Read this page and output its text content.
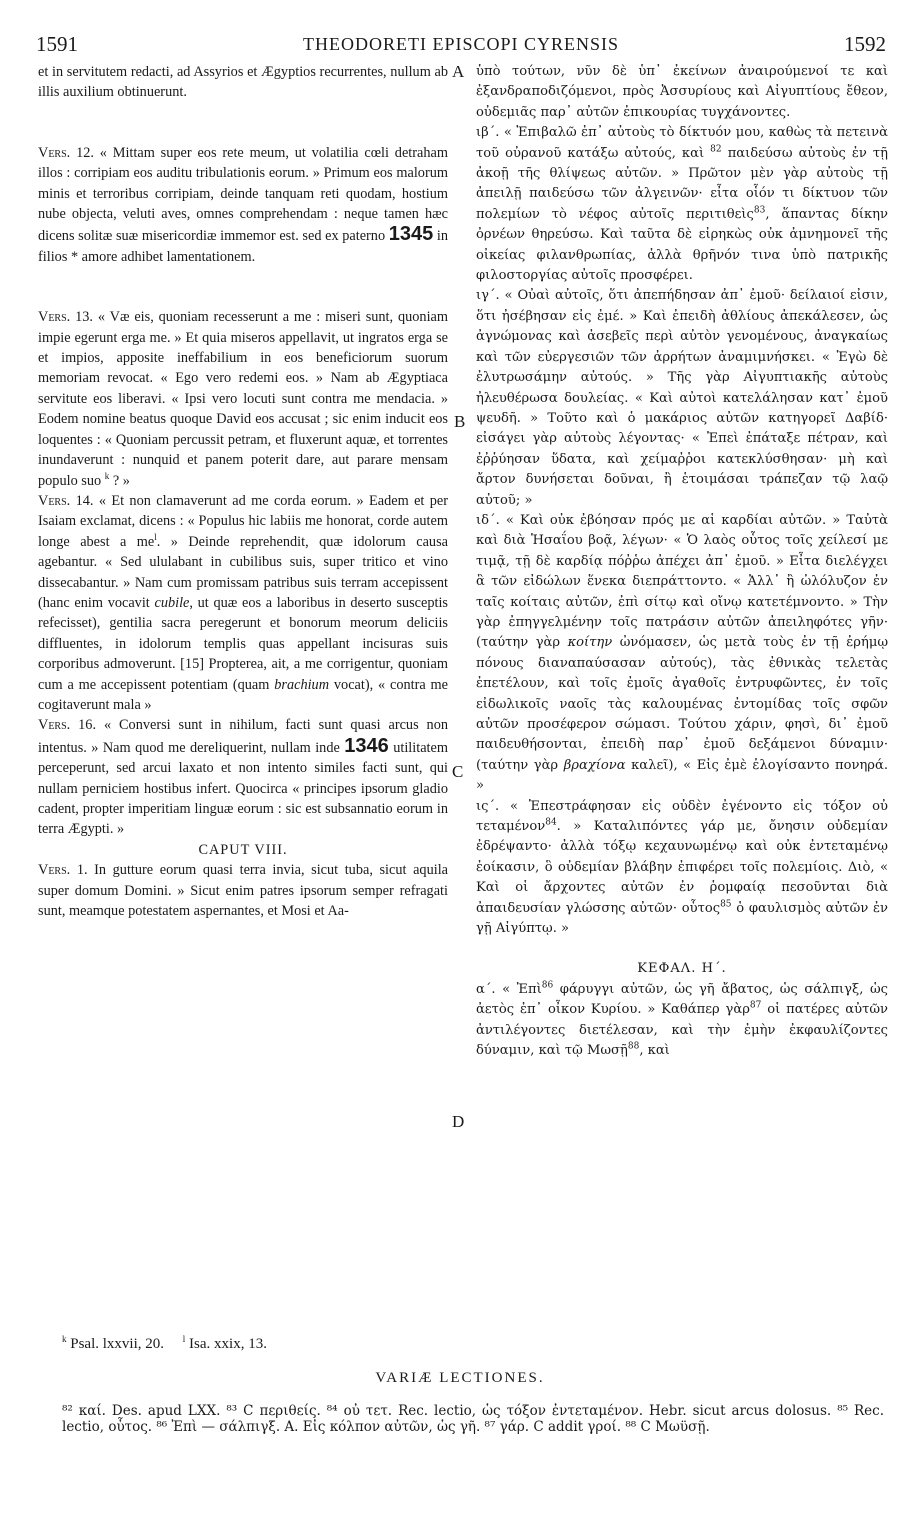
1591	THEODORETI EPISCOPI CYRENSIS	1592

et in servitutem redacti, ad Assyrios et Ægyptios recurrentes, nullum ab illis auxilium obtinuerunt.

Vers. 12. « Mittam super eos rete meum, ut volatilia cœli detraham illos : corripiam eos auditu tribulationis eorum. » Primum eos malorum minis et terroribus corripiam, deinde tanquam reti quodam, hostium nube objecta, veluti aves, omnes comprehendam : neque tamen hæc dicens solitæ suæ misericordiæ immemor est. sed ex paterno 1345 in filios * amore adhibet lamentationem.

Vers. 13. « Væ eis, quoniam recesserunt a me : miseri sunt, quoniam impie egerunt erga me. » Et quia miseros appellavit, ut ingratos erga se et impios, apposite ineffabilium in eos beneficiorum suorum memoriam revocat. « Ego vero redemi eos. » Nam ab Ægyptiaca servitute eos liberavi. « Ipsi vero locuti sunt contra me mendacia. » Eodem nomine beatus quoque David eos accusat ; sic enim inducit eos loquentes : « Quoniam percussit petram, et fluxerunt aquæ, et torrentes inundaverunt : nunquid et panem poterit dare, aut parare mensam populo suo $^k$ ? »

Vers. 14. « Et non clamaverunt ad me corda eorum. » Eadem et per Isaiam exclamat, dicens : « Populus hic labiis me honorat, corde autem longe abest a $me^l$. » Deinde reprehendit, quæ idolorum causa agebantur. « Sed ululabant in cubilibus suis, super tritico et vino dissecabantur. » Nam cum promissam patribus suis terram accepissent (hanc enim vocavit cubile, ut quæ eos a laboribus in deserto susceptis refecisset), gentilia sacra peregerunt et bonorum meorum deliciis diffluentes, in idolorum templis quas appellant incisuras suis corporibus admoverunt. [15] Propterea, ait, a me corrigentur, quoniam cum a me accepissent potentiam (quam brachium vocat), « contra me cogitaverunt mala »

Vers. 16. « Conversi sunt in nihilum, facti sunt quasi arcus non intentus. » Nam quod me dereliquerint, nullam inde 1346 utilitatem perceperunt, sed arcui laxato et non intento similes facti sunt, qui nullam perniciem hostibus infert. Quocirca « principes ipsorum gladio cadent, propter imperitiam linguæ eorum : sic est subsannatio eorum in terra Ægypti. »

CAPUT VIII.

Vers. 1. In gutture eorum quasi terra invia, sicut tuba, sicut aquila super domum Domini. » Sicut enim patres ipsorum semper refragati sunt, meamque potestatem aspernantes, et Mosi et Aa-

A
B
C
D

ὑπὸ τούτων, νῦν δὲ ὑπ᾽ ἐκείνων ἀναιρούμενοί τε καὶ ἐξανδραποδιζόμενοι, πρὸς Ἀσσυρίους καὶ Αἰγυπτίους ἔθεον, οὐδεμιᾶς παρ᾽ αὐτῶν ἐπικουρίας τυγχάνοντες.

ιβ΄. « Ἐπιβαλῶ ἐπ᾽ αὐτοὺς τὸ δίκτυόν μου, καθὼς τὰ πετεινὰ τοῦ οὐρανοῦ κατάξω αὐτούς, καὶ $^{82}$ παιδεύσω αὐτοὺς ἐν τῇ ἀκοῇ τῆς θλίψεως αὐτῶν. » Πρῶτον μὲν γὰρ αὐτοὺς τῇ ἀπειλῇ παιδεύσω τῶν ἀλγεινῶν· εἶτα οἷόν τι δίκτυον τῶν πολεμίων τὸ νέφος αὐτοῖς περιτιθεὶς$^{83}$, ἅπαντας δίκην ὀρνέων θηρεύσω. Καὶ ταῦτα δὲ εἰρηκὼς οὐκ ἀμνημονεῖ τῆς οἰκείας φιλανθρωπίας, ἀλλὰ θρῆνόν τινα ὑπὸ πατρικῆς φιλοστοργίας αὐτοῖς προσφέρει.

ιγ΄. « Οὐαὶ αὐτοῖς, ὅτι ἀπεπήδησαν ἀπ᾽ ἐμοῦ· δείλαιοί εἰσιν, ὅτι ἠσέβησαν εἰς ἐμέ. » Καὶ ἐπειδὴ ἀθλίους ἀπεκάλεσεν, ὡς ἀγνώμονας καὶ ἀσεβεῖς περὶ αὐτὸν γενομένους, ἀναγκαίως καὶ τῶν εὐεργεσιῶν τῶν ἀρρήτων ἀναμιμνήσκει. « Ἐγὼ δὲ ἐλυτρωσάμην αὐτούς. » Τῆς γὰρ Αἰγυπτιακῆς αὐτοὺς ἠλευθέρωσα δουλείας. « Καὶ αὐτοὶ κατελάλησαν κατ᾽ ἐμοῦ ψευδῆ. » Τοῦτο καὶ ὁ μακάριος αὐτῶν κατηγορεῖ Δαβίδ· εἰσάγει γὰρ αὐτοὺς λέγοντας· « Ἐπεὶ ἐπάταξε πέτραν, καὶ ἐῤῥύησαν ὕδατα, καὶ χείμαῤῥοι κατεκλύσθησαν· μὴ καὶ ἄρτον δυνήσεται δοῦναι, ἢ ἑτοιμάσαι τράπεζαν τῷ λαῷ αὐτοῦ; »

ιδ΄. « Καὶ οὐκ ἐβόησαν πρός με αἱ καρδίαι αὐτῶν. » Ταὐτὰ καὶ διὰ Ἡσαΐου βοᾷ, λέγων· « Ὁ λαὸς οὗτος τοῖς χείλεσί με τιμᾷ, τῇ δὲ καρδίᾳ πόῤῥω ἀπέχει ἀπ᾽ ἐμοῦ. » Εἶτα διελέγχει ἃ τῶν εἰδώλων ἕνεκα διεπράττοντο. « Ἀλλ᾽ ἢ ὠλόλυζον ἐν ταῖς κοίταις αὐτῶν, ἐπὶ σίτῳ καὶ οἴνῳ κατετέμνοντο. » Τὴν γὰρ ἐπηγγελμένην τοῖς πατράσιν αὐτῶν ἀπειληφότες γῆν· (ταύτην γὰρ κοίτην ὠνόμασεν, ὡς μετὰ τοὺς ἐν τῇ ἐρήμῳ πόνους διαναπαύσασαν αὐτούς), τὰς ἐθνικὰς τελετὰς ἐπετέλουν, καὶ τοῖς ἐμοῖς ἀγαθοῖς ἐντρυφῶντες, ἐν τοῖς εἰδωλικοῖς ναοῖς τὰς καλουμένας ἐντομίδας τοῖς σφῶν αὐτῶν προσέφερον σώμασι. Τούτου χάριν, φησὶ, δι᾽ ἐμοῦ παιδευθήσονται, ἐπειδὴ παρ᾽ ἐμοῦ δεξάμενοι δύναμιν· (ταύτην γὰρ βραχίονα καλεῖ), « Εἰς ἐμὲ ἐλογίσαντο πονηρά. »

ις΄. « Ἐπεστράφησαν εἰς οὐδὲν ἐγένοντο εἰς τόξον οὐ τεταμένον$^{84}$. » Καταλιπόντες γάρ με, ὄνησιν οὐδεμίαν ἐδρέψαντο· ἀλλὰ τόξῳ κεχαυνωμένῳ καὶ οὐκ ἐντεταμένῳ ἐοίκασιν, ὃ οὐδεμίαν βλάβην ἐπιφέρει τοῖς πολεμίοις. Διὸ, « Καὶ οἱ ἄρχοντες αὐτῶν ἐν ῥομφαίᾳ πεσοῦνται διὰ ἀπαιδευσίαν γλώσσης αὐτῶν· οὗτος$^{85}$ ὁ φαυλισμὸς αὐτῶν ἐν γῇ Αἰγύπτῳ. »

ΚΕΦΑΛ. Η΄.

α΄. « Ἐπὶ$^{86}$ φάρυγγι αὐτῶν, ὡς γῆ ἄβατος, ὡς σάλπιγξ, ὡς ἀετὸς ἐπ᾽ οἶκον Κυρίου. » Καθάπερ γὰρ$^{87}$ οἱ πατέρες αὐτῶν ἀντιλέγοντες διετέλεσαν, καὶ τὴν ἐμὴν ἐκφαυλίζοντες δύναμιν, καὶ τῷ Μωσῇ$^{88}$, καὶ

$^k$ Psal. lxxvii, 20. $^l$ Isa. xxix, 13.
VARIÆ LECTIONES.
⁸² καί. Des. apud LXX. ⁸³ C περιθείς. ⁸⁴ οὐ τετ. Rec. lectio, ὡς τόξον ἐντεταμένον. Hebr. sicut arcus dolosus. ⁸⁵ Rec. lectio, οὗτος. ⁸⁶ Ἐπὶ — σάλπιγξ. A. Εἰς κόλπον αὐτῶν, ὡς γῆ. ⁸⁷ γάρ. C addit γροί. ⁸⁸ C Μωϋσῇ.
